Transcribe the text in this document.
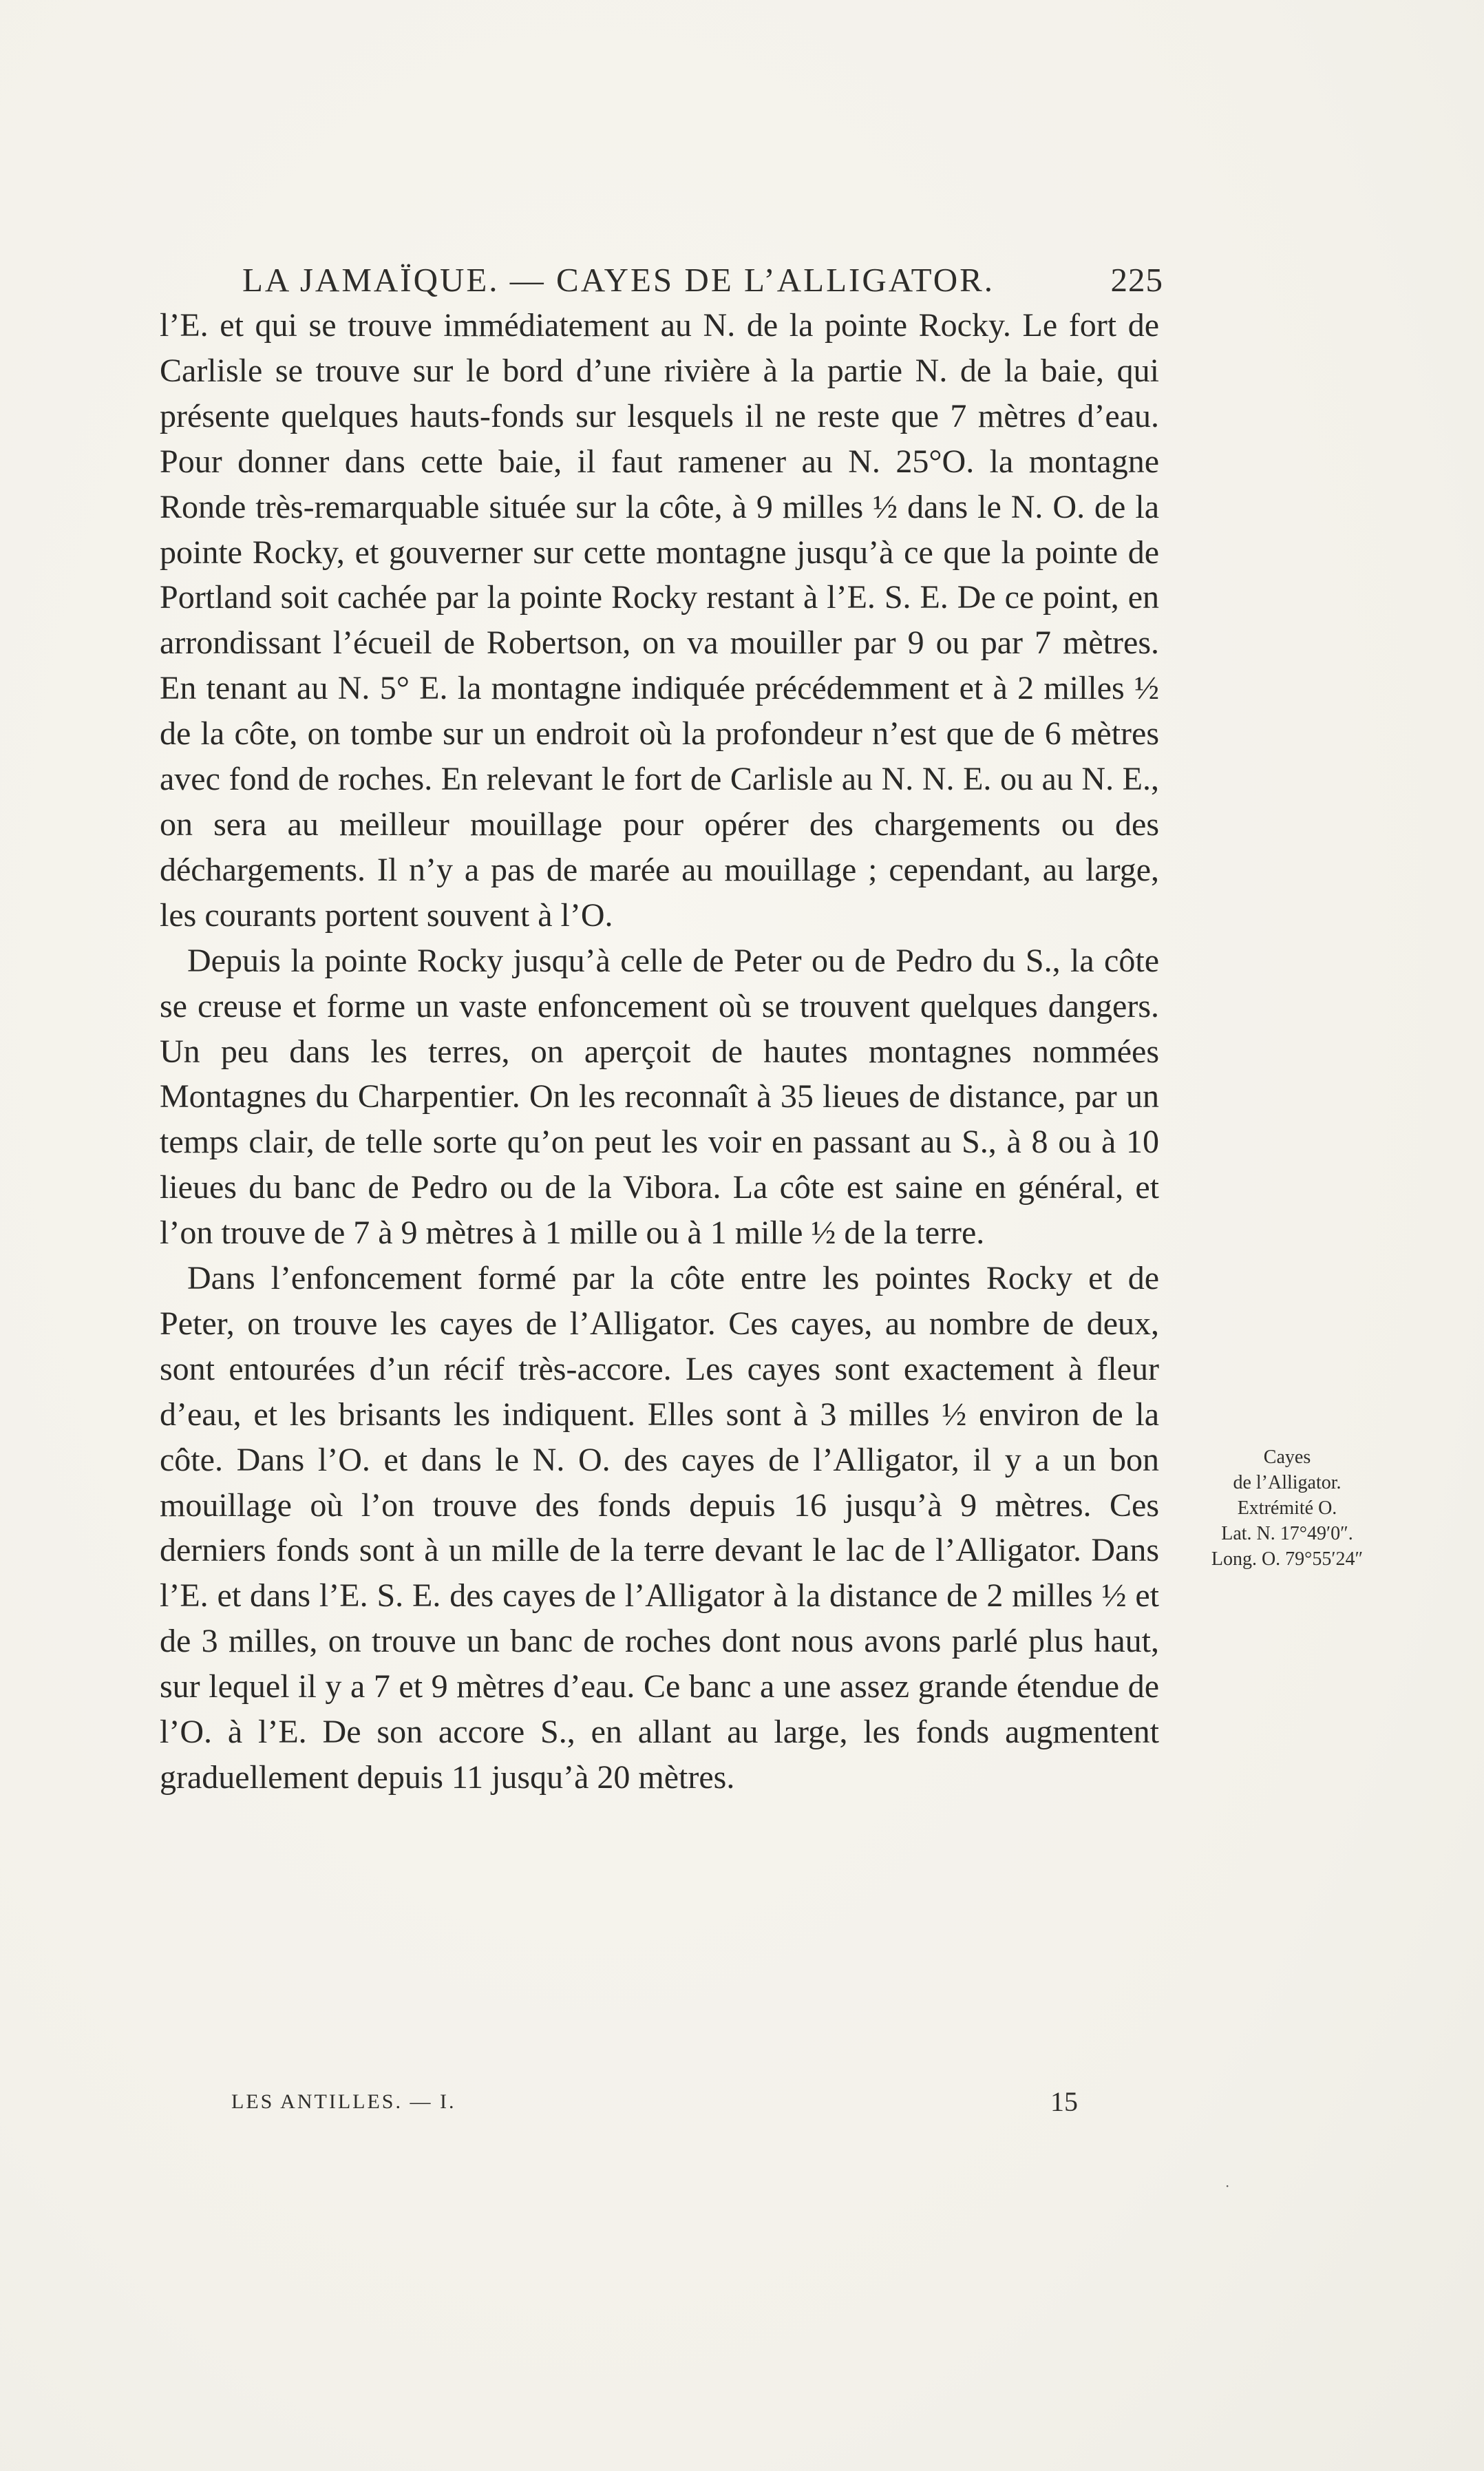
LA JAMAÏQUE. — CAYES DE L’ALLIGATOR.	225

l’E. et qui se trouve immédiatement au N. de la pointe Rocky. Le fort de Carlisle se trouve sur le bord d’une rivière à la partie N. de la baie, qui présente quelques hauts-fonds sur lesquels il ne reste que 7 mètres d’eau. Pour donner dans cette baie, il faut ramener au N. 25°O. la montagne Ronde très-remarquable située sur la côte, à 9 milles ½ dans le N. O. de la pointe Rocky, et gouverner sur cette montagne jusqu’à ce que la pointe de Portland soit cachée par la pointe Rocky restant à l’E. S. E. De ce point, en arrondissant l’écueil de Robertson, on va mouiller par 9 ou par 7 mètres. En tenant au N. 5° E. la montagne indiquée précédemment et à 2 milles ½ de la côte, on tombe sur un endroit où la profondeur n’est que de 6 mètres avec fond de roches. En relevant le fort de Carlisle au N. N. E. ou au N. E., on sera au meilleur mouillage pour opérer des chargements ou des déchargements. Il n’y a pas de marée au mouillage ; cependant, au large, les courants portent souvent à l’O.

Depuis la pointe Rocky jusqu’à celle de Peter ou de Pedro du S., la côte se creuse et forme un vaste enfoncement où se trouvent quelques dangers. Un peu dans les terres, on aperçoit de hautes montagnes nommées Montagnes du Charpentier. On les reconnaît à 35 lieues de distance, par un temps clair, de telle sorte qu’on peut les voir en passant au S., à 8 ou à 10 lieues du banc de Pedro ou de la Vibora. La côte est saine en général, et l’on trouve de 7 à 9 mètres à 1 mille ou à 1 mille ½ de la terre.

Dans l’enfoncement formé par la côte entre les pointes Rocky et de Peter, on trouve les cayes de l’Alligator. Ces cayes, au nombre de deux, sont entourées d’un récif très-accore. Les cayes sont exactement à fleur d’eau, et les brisants les indiquent. Elles sont à 3 milles ½ environ de la côte. Dans l’O. et dans le N. O. des cayes de l’Alligator, il y a un bon mouillage où l’on trouve des fonds depuis 16 jusqu’à 9 mètres. Ces derniers fonds sont à un mille de la terre devant le lac de l’Alligator. Dans l’E. et dans l’E. S. E. des cayes de l’Alligator à la distance de 2 milles ½ et de 3 milles, on trouve un banc de roches dont nous avons parlé plus haut, sur lequel il y a 7 et 9 mètres d’eau. Ce banc a une assez grande étendue de l’O. à l’E. De son accore S., en allant au large, les fonds augmentent graduellement depuis 11 jusqu’à 20 mètres.

Cayes
de l’Alligator.
Extrémité O.
Lat. N. 17°49′0″.
Long. O. 79°55′24″
LES ANTILLES. — I.	15
·
